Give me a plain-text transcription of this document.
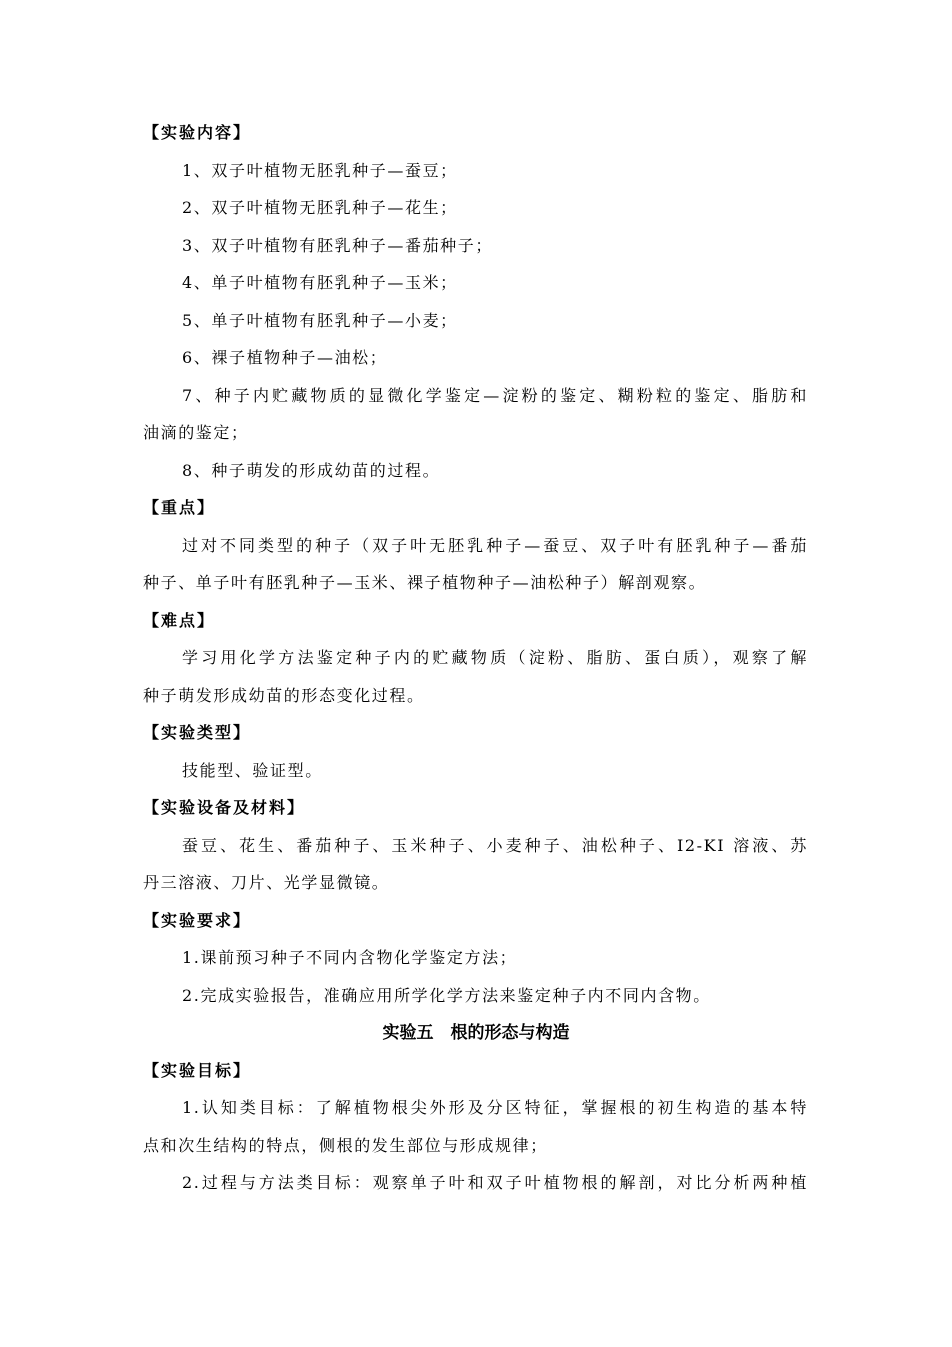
【实验内容】
1、双子叶植物无胚乳种子—蚕豆；
2、双子叶植物无胚乳种子—花生；
3、双子叶植物有胚乳种子—番茄种子；
4、单子叶植物有胚乳种子—玉米；
5、单子叶植物有胚乳种子—小麦；
6、裸子植物种子—油松；
7、种子内贮藏物质的显微化学鉴定—淀粉的鉴定、糊粉粒的鉴定、脂肪和
油滴的鉴定；
8、种子萌发的形成幼苗的过程。
【重点】
过对不同类型的种子（双子叶无胚乳种子—蚕豆、双子叶有胚乳种子—番茄
种子、单子叶有胚乳种子—玉米、裸子植物种子—油松种子）解剖观察。
【难点】
学习用化学方法鉴定种子内的贮藏物质（淀粉、脂肪、蛋白质），观察了解
种子萌发形成幼苗的形态变化过程。
【实验类型】
技能型、验证型。
【实验设备及材料】
蚕豆、花生、番茄种子、玉米种子、小麦种子、油松种子、I2-KI 溶液、苏
丹三溶液、刀片、光学显微镜。
【实验要求】
1.课前预习种子不同内含物化学鉴定方法；
2.完成实验报告，准确应用所学化学方法来鉴定种子内不同内含物。
实验五　根的形态与构造
【实验目标】
1.认知类目标：了解植物根尖外形及分区特征，掌握根的初生构造的基本特
点和次生结构的特点，侧根的发生部位与形成规律；
2.过程与方法类目标：观察单子叶和双子叶植物根的解剖，对比分析两种植
